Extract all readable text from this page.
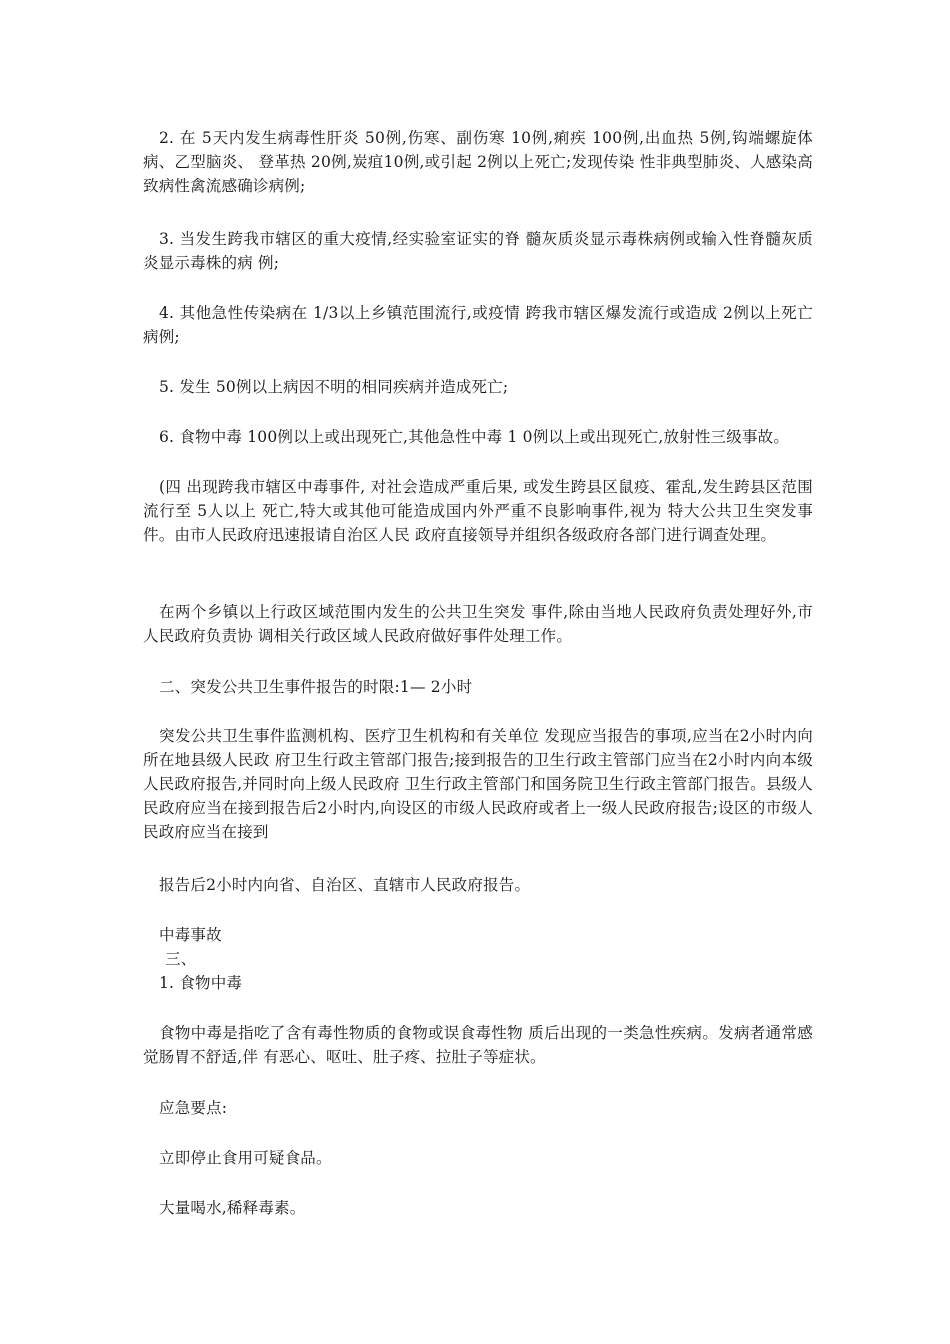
2. 在 5天内发生病毒性肝炎 50例,伤寒、副伤寒 10例,痢疾 100例,出血热 5例,钩端螺旋体病、乙型脑炎、 登革热 20例,炭疽10例,或引起 2例以上死亡;发现传染 性非典型肺炎、人感染高致病性禽流感确诊病例;

3. 当发生跨我市辖区的重大疫情,经实验室证实的脊 髓灰质炎显示毒株病例或输入性脊髓灰质炎显示毒株的病 例;

4. 其他急性传染病在 1/3以上乡镇范围流行,或疫情 跨我市辖区爆发流行或造成 2例以上死亡病例;

5. 发生 50例以上病因不明的相同疾病并造成死亡;

6. 食物中毒 100例以上或出现死亡,其他急性中毒 1 0例以上或出现死亡,放射性三级事故。

(四 出现跨我市辖区中毒事件, 对社会造成严重后果, 或发生跨县区鼠疫、霍乱,发生跨县区范围流行至 5人以上 死亡,特大或其他可能造成国内外严重不良影响事件,视为 特大公共卫生突发事件。由市人民政府迅速报请自治区人民 政府直接领导并组织各级政府各部门进行调查处理。

在两个乡镇以上行政区域范围内发生的公共卫生突发 事件,除由当地人民政府负责处理好外,市人民政府负责协 调相关行政区域人民政府做好事件处理工作。

二、突发公共卫生事件报告的时限:1— 2小时

突发公共卫生事件监测机构、医疗卫生机构和有关单位 发现应当报告的事项,应当在2小时内向所在地县级人民政 府卫生行政主管部门报告;接到报告的卫生行政主管部门应当在2小时内向本级人民政府报告,并同时向上级人民政府 卫生行政主管部门和国务院卫生行政主管部门报告。县级人 民政府应当在接到报告后2小时内,向设区的市级人民政府或者上一级人民政府报告;设区的市级人民政府应当在接到

报告后2小时内向省、自治区、直辖市人民政府报告。

中毒事故

三、

1. 食物中毒

食物中毒是指吃了含有毒性物质的食物或误食毒性物 质后出现的一类急性疾病。发病者通常感觉肠胃不舒适,伴 有恶心、呕吐、肚子疼、拉肚子等症状。

应急要点:

立即停止食用可疑食品。

大量喝水,稀释毒素。
